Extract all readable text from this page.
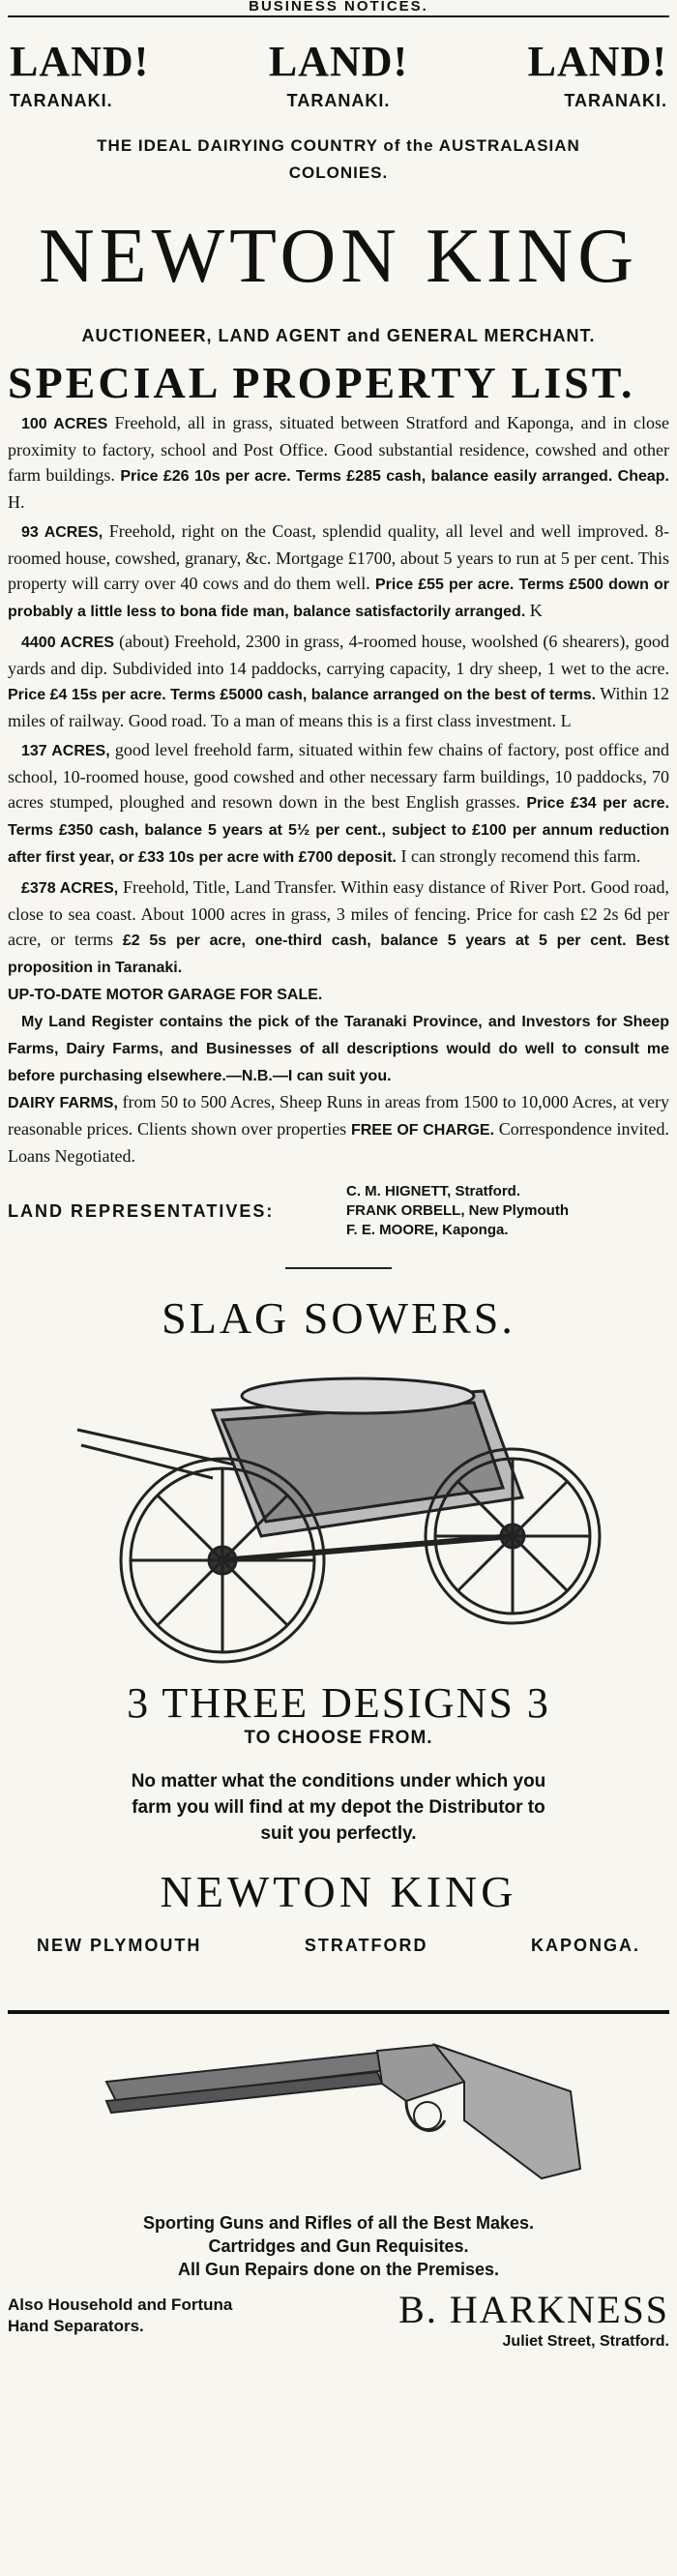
BUSINESS NOTICES.
LAND!
TARANAKI.
LAND!
TARANAKI.
LAND!
TARANAKI.
THE IDEAL DAIRYING COUNTRY of the AUSTRALASIAN
COLONIES.
NEWTON KING
AUCTIONEER, LAND AGENT and GENERAL MERCHANT.
SPECIAL PROPERTY LIST.
100 ACRES Freehold, all in grass, situated between Stratford and Kaponga, and in close proximity to factory, school and Post Office. Good substantial residence, cowshed and other farm buildings. Price £26 10s per acre. Terms £285 cash, balance easily arranged. Cheap. H.
93 ACRES, Freehold, right on the Coast, splendid quality, all level and well improved. 8-roomed house, cowshed, granary, &c. Mortgage £1700, about 5 years to run at 5 per cent. This property will carry over 40 cows and do them well. Price £55 per acre. Terms £500 down or probably a little less to bona fide man, balance satisfactorily arranged. K
4400 ACRES (about) Freehold, 2300 in grass, 4-roomed house, woolshed (6 shearers), good yards and dip. Subdivided into 14 paddocks, carrying capacity, 1 dry sheep, 1 wet to the acre. Price £4 15s per acre. Terms £5000 cash, balance arranged on the best of terms. Within 12 miles of railway. Good road. To a man of means this is a first class investment. L
137 ACRES, good level freehold farm, situated within few chains of factory, post office and school, 10-roomed house, good cowshed and other necessary farm buildings, 10 paddocks, 70 acres stumped, ploughed and resown down in the best English grasses. Price £34 per acre. Terms £350 cash, balance 5 years at 5½ per cent., subject to £100 per annum reduction after first year, or £33 10s per acre with £700 deposit. I can strongly recomend this farm.
£378 ACRES, Freehold, Title, Land Transfer. Within easy distance of River Port. Good road, close to sea coast. About 1000 acres in grass, 3 miles of fencing. Price for cash £2 2s 6d per acre, or terms £2 5s per acre, one-third cash, balance 5 years at 5 per cent. Best proposition in Taranaki.
UP-TO-DATE MOTOR GARAGE FOR SALE.
My Land Register contains the pick of the Taranaki Province, and Investors for Sheep Farms, Dairy Farms, and Businesses of all descriptions would do well to consult me before purchasing elsewhere.—N.B.—I can suit you.
DAIRY FARMS, from 50 to 500 Acres, Sheep Runs in areas from 1500 to 10,000 Acres, at very reasonable prices. Clients shown over properties FREE OF CHARGE. Correspondence invited. Loans Negotiated.
LAND REPRESENTATIVES:
C. M. HIGNETT, Stratford.
FRANK ORBELL, New Plymouth
F. E. MOORE, Kaponga.
SLAG SOWERS.
3 THREE DESIGNS 3
TO CHOOSE FROM.
No matter what the conditions under which you
farm you will find at my depot the Distributor to
suit you perfectly.
NEWTON KING
NEW PLYMOUTH	STRATFORD	KAPONGA.
Sporting Guns and Rifles of all the Best Makes.
Cartridges and Gun Requisites.
All Gun Repairs done on the Premises.
Also Household and Fortuna
Hand Separators.	B. HARKNESS
Juliet Street, Stratford.
